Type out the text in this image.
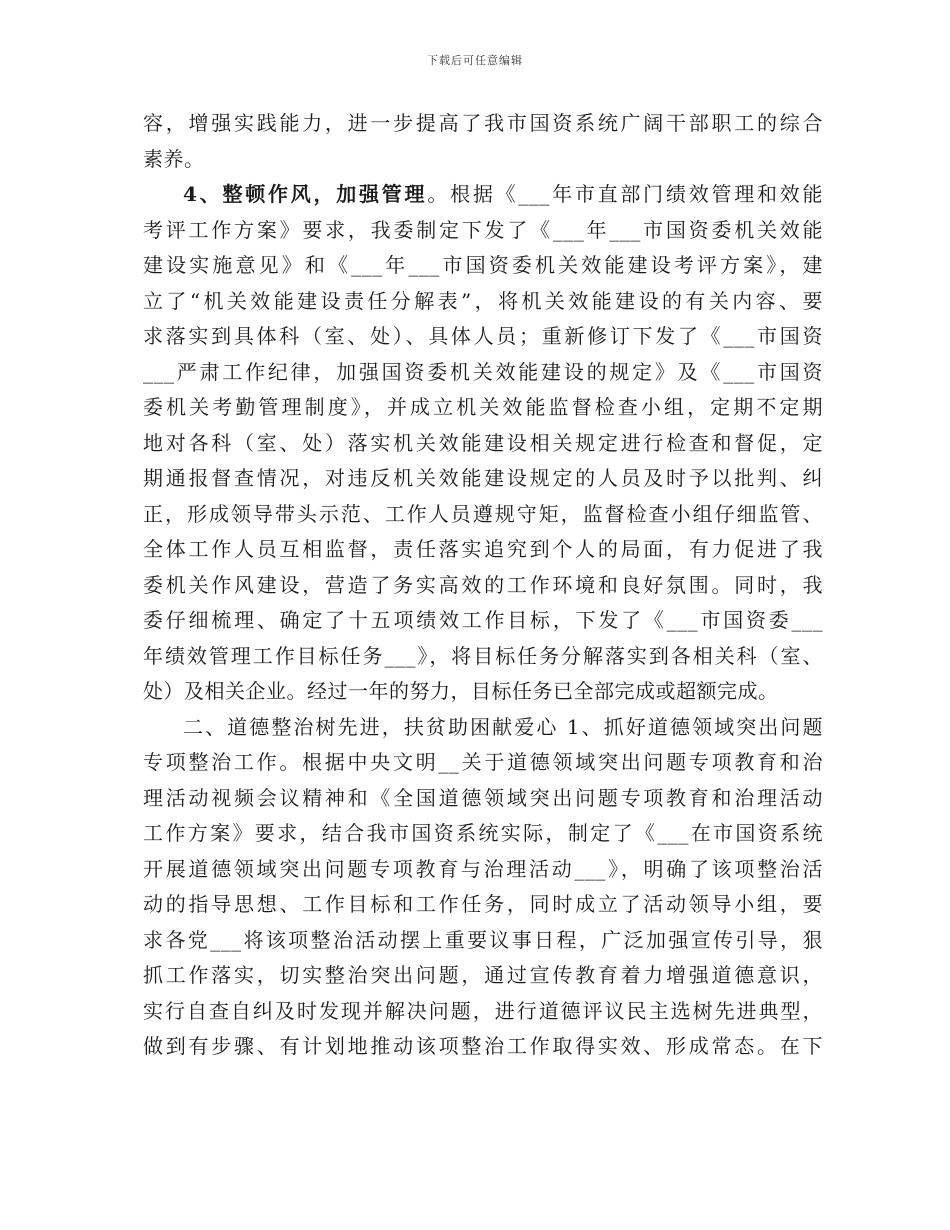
下载后可任意编辑
容，增强实践能力，进一步提高了我市国资系统广阔干部职工的综合
素养。
4、整顿作风，加强管理。根据《___年市直部门绩效管理和效能
考评工作方案》要求，我委制定下发了《___年___市国资委机关效能
建设实施意见》和《___年___市国资委机关效能建设考评方案》，建
立了“机关效能建设责任分解表”，将机关效能建设的有关内容、要
求落实到具体科（室、处）、具体人员；重新修订下发了《___市国资
___严肃工作纪律，加强国资委机关效能建设的规定》及《___市国资
委机关考勤管理制度》，并成立机关效能监督检查小组，定期不定期
地对各科（室、处）落实机关效能建设相关规定进行检查和督促，定
期通报督查情况，对违反机关效能建设规定的人员及时予以批判、纠
正，形成领导带头示范、工作人员遵规守矩，监督检查小组仔细监管、
全体工作人员互相监督，责任落实追究到个人的局面，有力促进了我
委机关作风建设，营造了务实高效的工作环境和良好氛围。同时，我
委仔细梳理、确定了十五项绩效工作目标，下发了《___市国资委___
年绩效管理工作目标任务___》，将目标任务分解落实到各相关科（室、
处）及相关企业。经过一年的努力，目标任务已全部完成或超额完成。
二、道德整治树先进，扶贫助困献爱心 1、抓好道德领域突出问题
专项整治工作。根据中央文明__关于道德领域突出问题专项教育和治
理活动视频会议精神和《全国道德领域突出问题专项教育和治理活动
工作方案》要求，结合我市国资系统实际，制定了《___在市国资系统
开展道德领域突出问题专项教育与治理活动___》，明确了该项整治活
动的指导思想、工作目标和工作任务，同时成立了活动领导小组，要
求各党___将该项整治活动摆上重要议事日程，广泛加强宣传引导，狠
抓工作落实，切实整治突出问题，通过宣传教育着力增强道德意识，
实行自查自纠及时发现并解决问题，进行道德评议民主选树先进典型，
做到有步骤、有计划地推动该项整治工作取得实效、形成常态。在下
